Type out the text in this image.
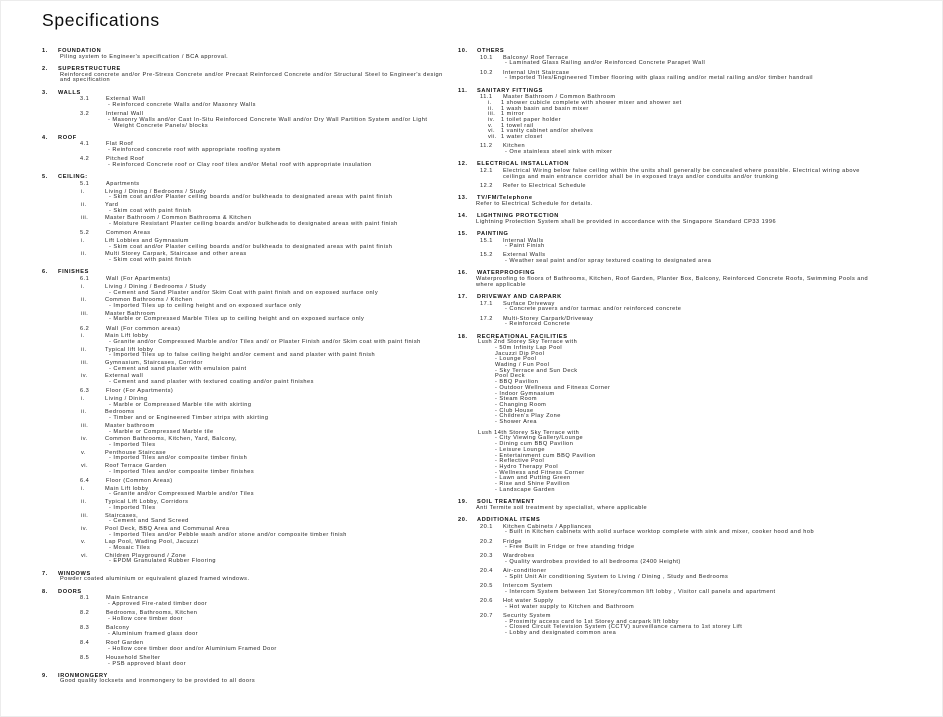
Specifications
1.	FOUNDATION
Piling system to Engineer's specification / BCA approval.
2.	SUPERSTRUCTURE
Reinforced concrete and/or Pre-Stress Concrete and/or Precast Reinforced Concrete and/or Structural Steel to Engineer's design and specification
3.	WALLS
3.1	External Wall
- Reinforced concrete Walls and/or Masonry Walls
3.2	Internal Wall
- Masonry Walls and/or Cast In-Situ Reinforced Concrete Wall and/or Dry Wall Partition System and/or Light Weight Concrete Panels/ blocks
4.	ROOF
4.1	Flat Roof
- Reinforced concrete roof with appropriate roofing system
4.2	Pitched Roof
- Reinforced Concrete roof or Clay roof tiles and/or Metal roof with appropriate insulation
5.	CEILING:
5.1	Apartments
i.	Living / Dining / Bedrooms / Study
- Skim coat and/or Plaster ceiling boards and/or bulkheads to designated areas with paint finish
ii.	Yard
- Skim coat with paint finish
iii.	Master Bathroom / Common Bathrooms & Kitchen
- Moisture Resistant Plaster ceiling boards and/or bulkheads to designated areas with paint finish
5.2	Common Areas
i.	Lift Lobbies and Gymnasium
- Skim coat and/or Plaster ceiling boards and/or bulkheads to designated areas with paint finish
ii.	Multi Storey Carpark, Staircase and other areas
- Skim coat with paint finish
6.	FINISHES
6.1	Wall (For Apartments)
i.	Living / Dining / Bedrooms / Study
- Cement and Sand Plaster and/or Skim Coat with paint finish and on exposed surface only
ii.	Common Bathrooms / Kitchen
- Imported Tiles up to ceiling height and on exposed surface only
iii.	Master Bathroom
- Marble or Compressed Marble Tiles up to ceiling height and on exposed surface only
6.2	Wall (For common areas)
i.	Main Lift lobby
- Granite and/or Compressed Marble and/or Tiles and/ or Plaster Finish and/or Skim coat with paint finish
ii.	Typical lift lobby
- Imported Tiles up to false ceiling height and/or cement and sand plaster with paint finish
iii.	Gymnasium, Staircases, Corridor
- Cement and sand plaster with emulsion paint
iv.	External wall
- Cement and sand plaster with textured coating and/or paint finishes
6.3	Floor (For Apartments)
i.	Living / Dining
- Marble or Compressed Marble tile with skirting
ii.	Bedrooms
- Timber and or Engineered Timber strips with skirting
iii.	Master bathroom
- Marble or Compressed Marble tile
iv.	Common Bathrooms, Kitchen, Yard, Balcony,
- Imported Tiles
v.	Penthouse Staircase
- Imported Tiles and/or composite timber finish
vi.	Roof Terrace Garden
- Imported Tiles and/or composite timber finishes
6.4	Floor (Common Areas)
i.	Main Lift lobby
- Granite and/or Compressed Marble and/or Tiles
ii.	Typical Lift Lobby, Corridors
- Imported Tiles
iii.	Staircases,
- Cement and Sand Screed
iv.	Pool Deck, BBQ Area and Communal Area
- Imported Tiles and/or Pebble wash and/or stone and/or composite timber finish
v.	Lap Pool, Wading Pool, Jacuzzi
- Mosaic Tiles
vi.	Children Playground / Zone
- EPDM Granulated Rubber Flooring
7.	WINDOWS
Powder coated aluminium or equivalent glazed framed windows.
8.	DOORS
8.1	Main Entrance
- Approved Fire-rated timber door
8.2	Bedrooms, Bathrooms, Kitchen
- Hollow core timber door
8.3	Balcony
- Aluminium framed glass door
8.4	Roof Garden
- Hollow core timber door and/or Aluminium Framed Door
8.5	Household Shelter
- PSB approved blast door
9.	IRONMONGERY
Good quality locksets and ironmongery to be provided to all doors
10.	OTHERS
10.1	Balcony/ Roof Terrace
- Laminated Glass Railing and/or Reinforced Concrete Parapet Wall
10.2	Internal Unit Staircase
- Imported Tiles/Engineered Timber flooring with glass railing and/or metal railing and/or timber handrail
11.	SANITARY FITTINGS
11.1	Master Bathroom / Common Bathroom
i.	1 shower cubicle complete with shower mixer and shower set
ii.	1 wash basin and basin mixer
iii.	1 mirror
iv.	1 toilet paper holder
v.	1 towel rail
vi.	1 vanity cabinet and/or shelves
vii. 1 water closet
11.2	Kitchen
- One stainless steel sink with mixer
12.	ELECTRICAL INSTALLATION
12.1	Electrical Wiring below false ceiling within the units shall generally be concealed where possible. Electrical wiring above ceilings and main entrance corridor shall be in exposed trays and/or conduits and/or trunking
12.2	Refer to Electrical Schedule
13.	TV/FM/Telephone
Refer to Electrical Schedule for details.
14.	LIGHTNING PROTECTION
Lightning Protection System shall be provided in accordance with the Singapore Standard CP33 1996
15.	PAINTING
15.1	Internal Walls
- Paint Finish
15.2	External Walls
- Weather seal paint and/or spray textured coating to designated area
16.	WATERPROOFING
Waterproofing to floors of Bathrooms, Kitchen, Roof Garden, Planter Box, Balcony, Reinforced Concrete Roofs, Swimming Pools and where applicable
17.	DRIVEWAY AND CARPARK
17.1	Surface Driveway
- Concrete pavers and/or tarmac and/or reinforced concrete
17.2	Multi-Storey Carpark/Driveway
- Reinforced Concrete
18.	RECREATIONAL FACILITIES
Lush 2nd Storey Sky Terrace with
- 50m Infinity Lap Pool
Jacuzzi Dip Pool
- Lounge Pool
Wading / Fun Pool
- Sky Terrace and Sun Deck
Pool Deck
- BBQ Pavilion
- Outdoor Wellness and Fitness Corner
- Indoor Gymnasium
- Steam Room
- Changing Room
- Club House
- Children's Play Zone
- Shower Area
Lush 14th Storey Sky Terrace with
- City Viewing Gallery/Lounge
- Dining cum BBQ Pavilion
- Leisure Lounge
- Entertainment cum BBQ Pavilion
- Reflective Pool
- Hydro Therapy Pool
- Wellness and Fitness Corner
- Lawn and Putting Green
- Rise and Shine Pavilion
- Landscape Garden
19.	SOIL TREATMENT
Anti Termite soil treatment by specialist, where applicable
20.	ADDITIONAL ITEMS
20.1	Kitchen Cabinets / Appliances
- Built in Kitchen cabinets with solid surface worktop complete with sink and mixer, cooker hood and hob
20.2	Fridge
- Free Built in Fridge or free standing fridge
20.3	Wardrobes
- Quality wardrobes provided to all bedrooms (2400 Height)
20.4	Air-conditioner
- Split Unit Air conditioning System to Living / Dining , Study and Bedrooms
20.5	Intercom System
- Intercom System between 1st Storey/common lift lobby , Visitor call panels and apartment
20.6	Hot water Supply
- Hot water supply to Kitchen and Bathroom
20.7	Security System
- Proximity access card to 1st Storey and carpark lift lobby
- Closed Circuit Television System (CCTV) surveillance camera to 1st storey Lift
- Lobby and designated common area
